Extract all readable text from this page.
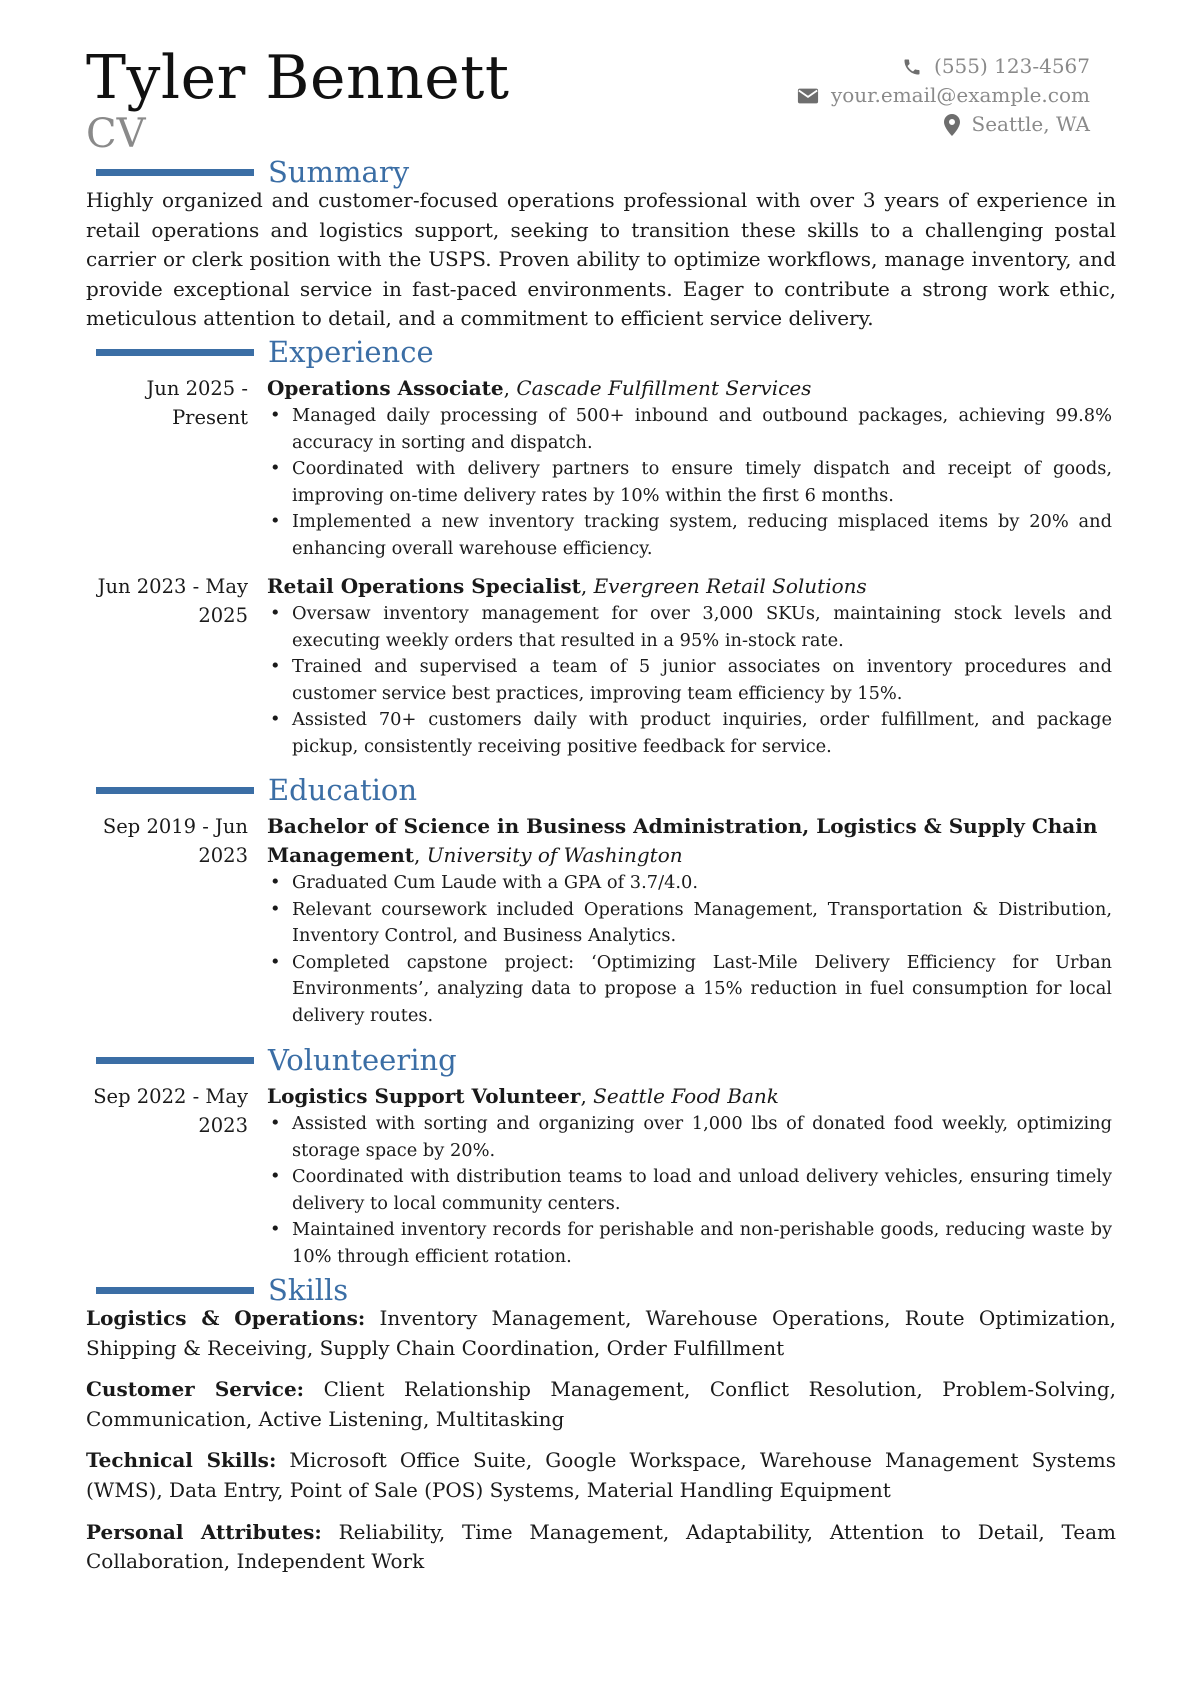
Tyler Bennett
CV
(555) 123-4567
your.email@example.com
Seattle, WA
Summary
Highly organized and customer-focused operations professional with over 3 years of experience in retail operations and logistics support, seeking to transition these skills to a challenging postal carrier or clerk position with the USPS. Proven ability to optimize workflows, manage inventory, and provide exceptional service in fast-paced environments. Eager to contribute a strong work ethic, meticulous attention to detail, and a commitment to efficient service delivery.
Experience
Jun 2025 - Present
Operations Associate, Cascade Fulfillment Services
• Managed daily processing of 500+ inbound and outbound packages, achieving 99.8% accuracy in sorting and dispatch.
• Coordinated with delivery partners to ensure timely dispatch and receipt of goods, improving on-time delivery rates by 10% within the first 6 months.
• Implemented a new inventory tracking system, reducing misplaced items by 20% and enhancing overall warehouse efficiency.
Jun 2023 - May 2025
Retail Operations Specialist, Evergreen Retail Solutions
• Oversaw inventory management for over 3,000 SKUs, maintaining stock levels and executing weekly orders that resulted in a 95% in-stock rate.
• Trained and supervised a team of 5 junior associates on inventory procedures and customer service best practices, improving team efficiency by 15%.
• Assisted 70+ customers daily with product inquiries, order fulfillment, and package pickup, consistently receiving positive feedback for service.
Education
Sep 2019 - Jun 2023
Bachelor of Science in Business Administration, Logistics & Supply Chain Management, University of Washington
• Graduated Cum Laude with a GPA of 3.7/4.0.
• Relevant coursework included Operations Management, Transportation & Distribution, Inventory Control, and Business Analytics.
• Completed capstone project: ‘Optimizing Last-Mile Delivery Efficiency for Urban Environments’, analyzing data to propose a 15% reduction in fuel consumption for local delivery routes.
Volunteering
Sep 2022 - May 2023
Logistics Support Volunteer, Seattle Food Bank
• Assisted with sorting and organizing over 1,000 lbs of donated food weekly, optimizing storage space by 20%.
• Coordinated with distribution teams to load and unload delivery vehicles, ensuring timely delivery to local community centers.
• Maintained inventory records for perishable and non-perishable goods, reducing waste by 10% through efficient rotation.
Skills
Logistics & Operations: Inventory Management, Warehouse Operations, Route Optimization, Shipping & Receiving, Supply Chain Coordination, Order Fulfillment
Customer Service: Client Relationship Management, Conflict Resolution, Problem-Solving, Communication, Active Listening, Multitasking
Technical Skills: Microsoft Office Suite, Google Workspace, Warehouse Management Systems (WMS), Data Entry, Point of Sale (POS) Systems, Material Handling Equipment
Personal Attributes: Reliability, Time Management, Adaptability, Attention to Detail, Team Collaboration, Independent Work
